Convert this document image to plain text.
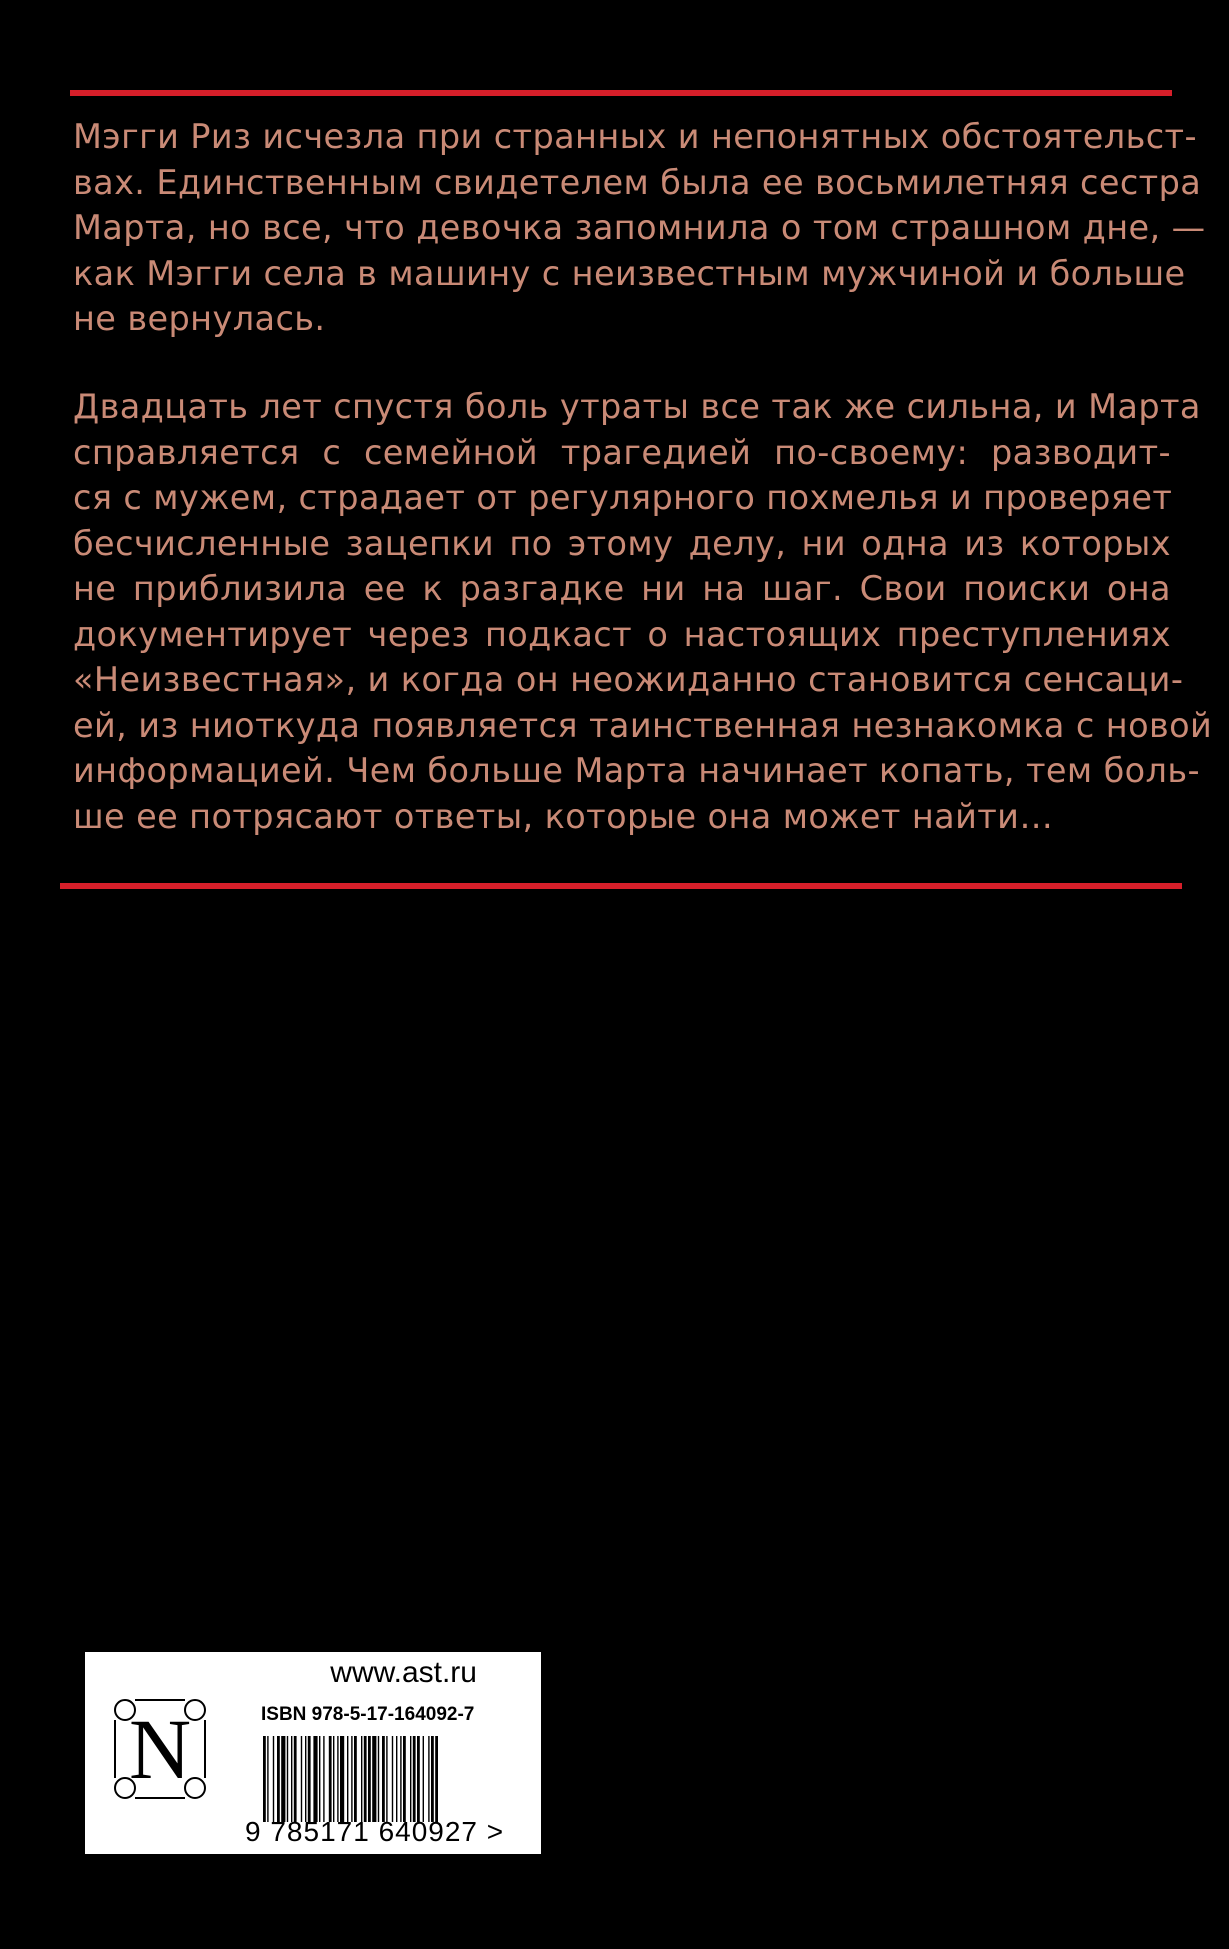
Мэгги Риз исчезла при странных и непонятных обстоятельст-
вах. Единственным свидетелем была ее восьмилетняя сестра
Марта, но все, что девочка запомнила о том страшном дне, —
как Мэгги села в машину с неизвестным мужчиной и больше
не вернулась.
Двадцать лет спустя боль утраты все так же сильна, и Марта
справляется с семейной трагедией по-своему: разводит-
ся с мужем, страдает от регулярного похмелья и проверяет
бесчисленные зацепки по этому делу, ни одна из которых
не приблизила ее к разгадке ни на шаг. Свои поиски она
документирует через подкаст о настоящих преступлениях
«Неизвестная», и когда он неожиданно становится сенсаци-
ей, из ниоткуда появляется таинственная незнакомка с новой
информацией. Чем больше Марта начинает копать, тем боль-
ше ее потрясают ответы, которые она может найти…
www.ast.ru
N	ISBN 978-5-17-164092-7
9 785171 640927 >
